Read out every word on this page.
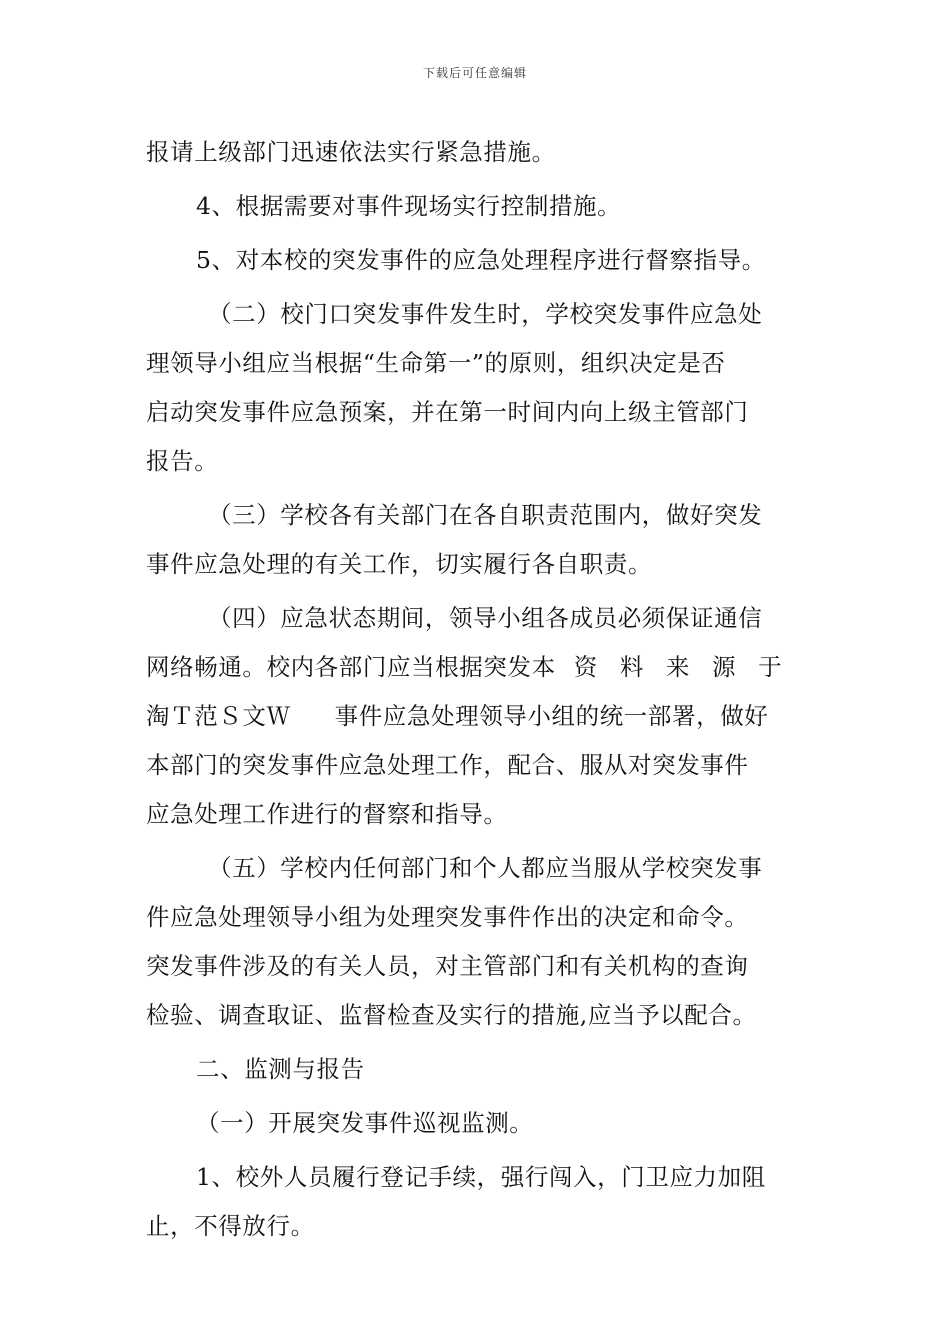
下载后可任意编辑
报请上级部门迅速依法实行紧急措施。
4、根据需要对事件现场实行控制措施。
5、对本校的突发事件的应急处理程序进行督察指导。
（二）校门口突发事件发生时，学校突发事件应急处
理领导小组应当根据“生命第一”的原则，组织决定是否
启动突发事件应急预案，并在第一时间内向上级主管部门
报告。
（三）学校各有关部门在各自职责范围内，做好突发
事件应急处理的有关工作，切实履行各自职责。
（四）应急状态期间，领导小组各成员必须保证通信
网络畅通。校内各部门应当根据突发本 资 料 来 源 于
淘Ｔ范Ｓ文Ｗ 事件应急处理领导小组的统一部署，做好
本部门的突发事件应急处理工作，配合、服从对突发事件
应急处理工作进行的督察和指导。
（五）学校内任何部门和个人都应当服从学校突发事
件应急处理领导小组为处理突发事件作出的决定和命令。
突发事件涉及的有关人员，对主管部门和有关机构的查询
检验、调查取证、监督检查及实行的措施,应当予以配合。
二、监测与报告
（一）开展突发事件巡视监测。
1、校外人员履行登记手续，强行闯入，门卫应力加阻
止，不得放行。
